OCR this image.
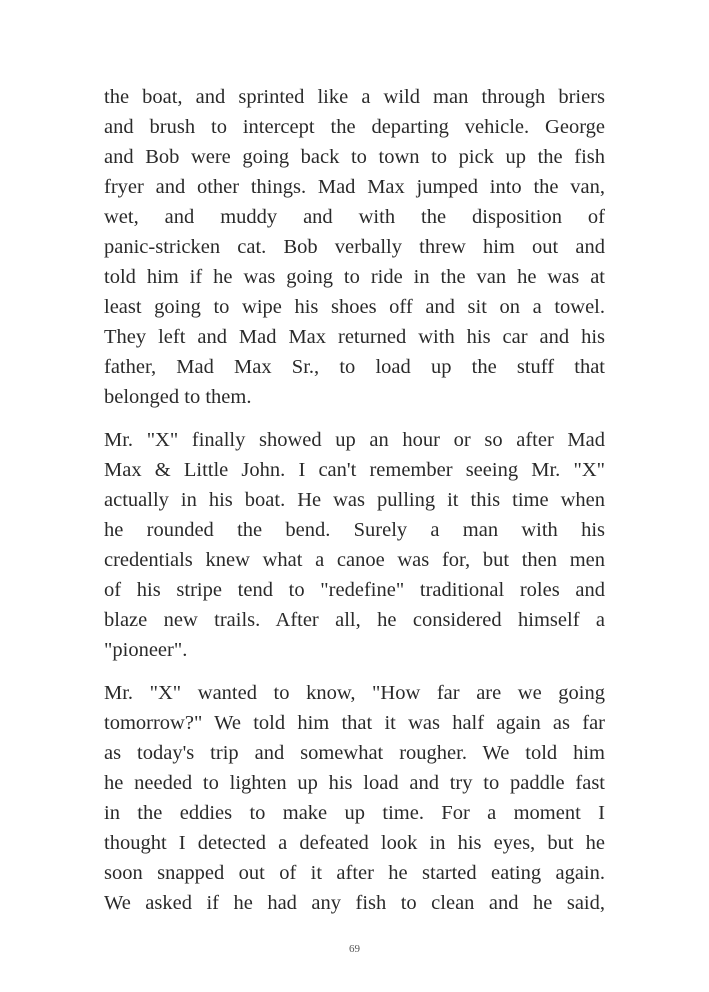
the boat, and sprinted like a wild man through briers
and brush to intercept the departing vehicle. George
and Bob were going back to town to pick up the fish
fryer and other things. Mad Max jumped into the van,
wet, and muddy and with the disposition of
panic-stricken cat. Bob verbally threw him out and
told him if he was going to ride in the van he was at
least going to wipe his shoes off and sit on a towel.
They left and Mad Max returned with his car and his
father, Mad Max Sr., to load up the stuff that
belonged to them.
Mr. "X" finally showed up an hour or so after Mad
Max & Little John. I can't remember seeing Mr. "X"
actually in his boat. He was pulling it this time when
he rounded the bend. Surely a man with his
credentials knew what a canoe was for, but then men
of his stripe tend to "redefine" traditional roles and
blaze new trails. After all, he considered himself a
"pioneer".
Mr. "X" wanted to know, "How far are we going
tomorrow?" We told him that it was half again as far
as today's trip and somewhat rougher. We told him
he needed to lighten up his load and try to paddle fast
in the eddies to make up time. For a moment I
thought I detected a defeated look in his eyes, but he
soon snapped out of it after he started eating again.
We asked if he had any fish to clean and he said,
69
